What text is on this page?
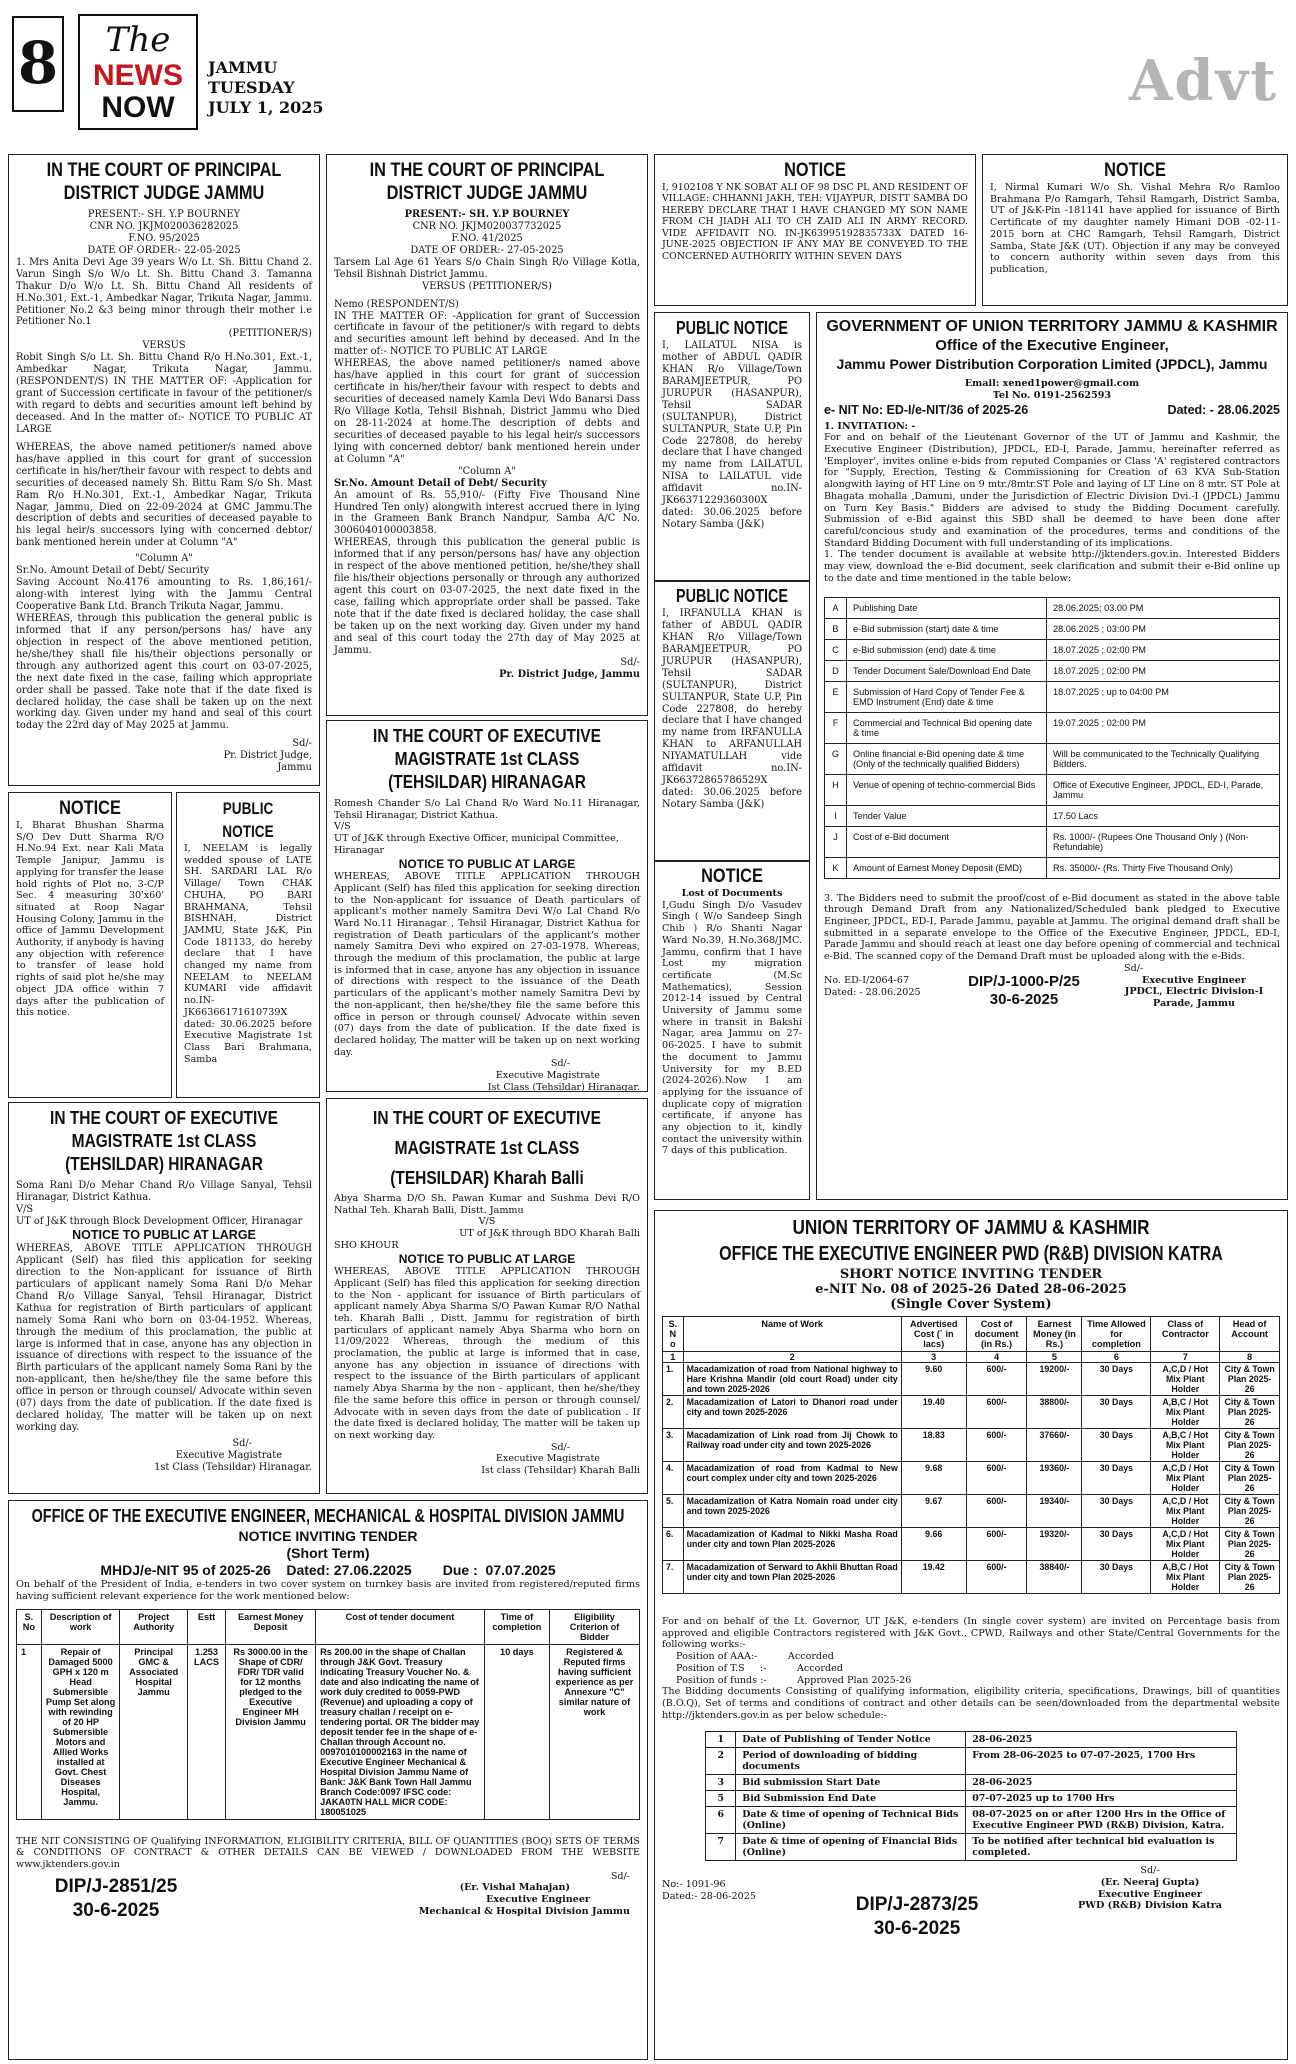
8	The
NEWS
NOW
JAMMU
TUESDAY
JULY 1, 2025	Advt
IN THE COURT OF PRINCIPAL DISTRICT JUDGE JAMMU

PRESENT:- SH. Y.P BOURNEY

CNR NO. JKJM020036282025

F.NO. 95/2025

DATE OF ORDER:- 22-05-2025

1. Mrs Anita Devi Age 39 years W/o Lt. Sh. Bittu Chand 2. Varun Singh S/o W/o Lt. Sh. Bittu Chand 3. Tamanna Thakur D/o W/o Lt. Sh. Bittu Chand All residents of H.No.301, Ext.-1, Ambedkar Nagar, Trikuta Nagar, Jammu. Petitioner No.2 &3 being minor through their mother i.e Petitioner No.1

(PETITIONER/S)

VERSUS

Robit Singh S/o Lt. Sh. Bittu Chand R/o H.No.301, Ext.-1, Ambedkar Nagar, Trikuta Nagar, Jammu. (RESPONDENT/S) IN THE MATTER OF: -Application for grant of Succession certificate in favour of the petitioner/s with regard to debts and securities amount left behind by deceased. And In the matter of:- NOTICE TO PUBLIC AT LARGE

WHEREAS, the above named petitioner/s named above has/have applied in this court for grant of succession certificate in his/her/their favour with respect to debts and securities of deceased namely Sh. Bittu Ram S/o Sh. Mast Ram R/o H.No.301, Ext.-1, Ambedkar Nagar, Trikuta Nagar, Jammu, Died on 22-09-2024 at GMC Jammu.The description of debts and securities of deceased payable to his legal heir/s successors lying with concerned debtor/ bank mentioned herein under at Column "A"

"Column A"

Sr.No. Amount Detail of Debt/ Security

Saving Account No.4176 amounting to Rs. 1,86,161/- along-with interest lying with the Jammu Central Cooperative Bank Ltd. Branch Trikuta Nagar, Jammu.

WHEREAS, through this publication the general public is informed that if any person/persons has/ have any objection in respect of the above mentioned petition, he/she/they shall file his/their objections personally or through any authorized agent this court on 03-07-2025, the next date fixed in the case, failing which appropriate order shall be passed. Take note that if the date fixed is declared holiday, the case shall be taken up on the next working day. Given under my hand and seal of this court today the 22rd day of May 2025 at Jammu.

Sd/-

Pr. District Judge, Jammu

IN THE COURT OF PRINCIPAL DISTRICT JUDGE JAMMU

PRESENT:- SH. Y.P BOURNEY

CNR NO. JKJM020037732025

F.NO. 41/2025

DATE OF ORDER:- 27-05-2025

Tarsem Lal Age 61 Years S/o Chain Singh R/o Village Kotla, Tehsil Bishnah District Jammu.

VERSUS (PETITIONER/S)

Nemo (RESPONDENT/S)

IN THE MATTER OF: -Application for grant of Succession certificate in favour of the petitioner/s with regard to debts and securities amount left behind by deceased. And In the matter of:- NOTICE TO PUBLIC AT LARGE

WHEREAS, the above named petitioner/s named above has/have applied in this court for grant of succession certificate in his/her/their favour with respect to debts and securities of deceased namely Kamla Devi Wdo Banarsi Dass R/o Village Kotla, Tehsil Bishnah, District Jammu who Died on 28-11-2024 at home.The description of debts and securities of deceased payable to his legal heir/s successors lying with concerned debtor/ bank mentioned herein under at Column "A"

"Column A"

Sr.No. Amount Detail of Debt/ Security

An amount of Rs. 55,910/- (Fifty Five Thousand Nine Hundred Ten only) alongwith interest accrued there in lying in the Grameen Bank Branch Nandpur, Samba A/C No. 3006040100003858.

WHEREAS, through this publication the general public is informed that if any person/persons has/ have any objection in respect of the above mentioned petition, he/she/they shall file his/their objections personally or through any authorized agent this court on 03-07-2025, the next date fixed in the case, failing which appropriate order shall be passed. Take note that if the date fixed is declared holiday, the case shall be taken up on the next working day. Given under my hand and seal of this court today the 27th day of May 2025 at Jammu.

Sd/-

Pr. District Judge, Jammu

NOTICE

I, 9102108 Y NK SOBAT ALI OF 98 DSC PL AND RESIDENT OF VILLAGE: CHHANNI JAKH, TEH: VIJAYPUR, DISTT SAMBA DO HEREBY DECLARE THAT I HAVE CHANGED MY SON NAME FROM CH JIADH ALI TO CH ZAID ALI IN ARMY RECORD. VIDE AFFIDAVIT NO. IN-JK63995192835733X DATED 16-JUNE-2025 OBJECTION IF ANY MAY BE CONVEYED TO THE CONCERNED AUTHORITY WITHIN SEVEN DAYS

NOTICE

I, Nirmal Kumari W/o Sh. Vishal Mehra R/o Ramloo Brahmana P/o Ramgarh, Tehsil Ramgarh, District Samba, UT of J&K-Pin -181141 have applied for issuance of Birth Certificate of my daughter namely Himani DOB -02-11-2015 born at CHC Ramgarh, Tehsil Ramgarh, District Samba, State J&K (UT). Objection if any may be conveyed to concern authority within seven days from this publication,

PUBLIC NOTICE

I, LAILATUL NISA is mother of ABDUL QADIR KHAN R/o Village/Town BARAMJEETPUR, PO JURUPUR (HASANPUR), Tehsil SADAR (SULTANPUR), District SULTANPUR, State U.P, Pin Code 227808, do hereby declare that I have changed my name from LAILATUL NISA to LAILATUL vide affidavit no.IN-JK66371229360300X dated: 30.06.2025 before Notary Samba (J&K)

PUBLIC NOTICE

I, IRFANULLA KHAN is father of ABDUL QADIR KHAN R/o Village/Town BARAMJEETPUR, PO JURUPUR (HASANPUR), Tehsil SADAR (SULTANPUR), District SULTANPUR, State U.P, Pin Code 227808, do hereby declare that I have changed my name from IRFANULLA KHAN to ARFANULLAH NIYAMATULLAH vide affidavit no.IN-JK66372865786529X dated: 30.06.2025 before Notary Samba (J&K)

NOTICE

Lost of Documents

I,Gudu Singh D/o Vasudev Singh ( W/o Sandeep Singh Chib ) R/o Shanti Nagar Ward No.39, H.No.368/JMC. Jammu, confirm that I have Lost my migration certificate (M.Sc Mathematics), Session 2012-14 issued by Central University of Jammu some where in transit in Bakshi Nagar, area Jammu on 27-06-2025. I have to submit the document to Jammu University for my B.ED (2024-2026).Now I am applying for the issuance of duplicate copy of migration certificate, if anyone has any objection to it, kindly contact the university within 7 days of this publication.

GOVERNMENT OF UNION TERRITORY JAMMU & KASHMIR
Office of the Executive Engineer,
Jammu Power Distribution Corporation Limited (JPDCL), Jammu

Email: xened1power@gmail.com

Tel No. 0191-2562593

e- NIT No: ED-I/e-NIT/36 of 2025-26	Dated: - 28.06.2025

1. INVITATION: -

For and on behalf of the Lieutenant Governor of the UT of Jammu and Kashmir, the Executive Engineer (Distribution), JPDCL, ED-I, Parade, Jammu, hereinafter referred as 'Employer', invites online e-bids from reputed Companies or Class 'A' registered contractors for "Supply, Erection, Testing & Commissioning for Creation of 63 KVA Sub-Station alongwith laying of HT Line on 9 mtr./8mtr.ST Pole and laying of LT Line on 8 mtr. ST Pole at Bhagata mohalla ,Damuni, under the Jurisdiction of Electric Division Dvi.-I (JPDCL) Jammu on Turn Key Basis." Bidders are advised to study the Bidding Document carefully. Submission of e-Bid against this SBD shall be deemed to have been done after careful/concious study and examination of the procedures, terms and conditions of the Standard Bidding Document with full understanding of its implications.

1. The tender document is available at website http://jktenders.gov.in. Interested Bidders may view, download the e-Bid document, seek clarification and submit their e-Bid online up to the date and time mentioned in the table below:

A	Publishing Date	28.06.2025; 03.00 PM
B	e-Bid submission (start) date & time	28.06.2025 ; 03:00 PM
C	e-Bid submission (end) date & time	18.07.2025 ; 02:00 PM
D	Tender Document Sale/Download End Date	18.07.2025 ; 02:00 PM
E	Submission of Hard Copy of Tender Fee & EMD Instrument (End) date & time	18.07.2025 ; up to 04:00 PM
F	Commercial and Technical Bid opening date & time	19.07.2025 ; 02:00 PM
G	Online financial e-Bid opening date & time (Only of the technically qualified Bidders)	Will be communicated to the Technically Qualifying Bidders.
H	Venue of opening of techno-commercial Bids	Office of Executive Engineer, JPDCL, ED-I, Parade, Jammu
I	Tender Value	17.50 Lacs
J	Cost of e-Bid document	Rs. 1000/- (Rupees One Thousand Only ) (Non-Refundable)
K	Amount of Earnest Money Deposit (EMD)	Rs. 35000/- (Rs. Thirty Five Thousand Only)

3. The Bidders need to submit the proof/cost of e-Bid document as stated in the above table through Demand Draft from any Nationalized/Scheduled bank pledged to Executive Engineer, JPDCL, ED-I, Parade Jammu, payable at Jammu. The original demand draft shall be submitted in a separate envelope to the Office of the Executive Engineer, JPDCL, ED-I, Parade Jammu and should reach at least one day before opening of commercial and technical e-Bid. The scanned copy of the Demand Draft must be uploaded along with the e-Bids.

Sd/-

No. ED-I/2064-67

Dated: - 28.06.2025

DIP/J-1000-P/25
30-6-2025
Executive Engineer
JPDCL, Electric Division-I
Parade, Jammu
IN THE COURT OF EXECUTIVE MAGISTRATE 1st CLASS (TEHSILDAR) HIRANAGAR

Romesh Chander S/o Lal Chand R/o Ward No.11 Hiranagar, Tehsil Hiranagar, District Kathua.

V/S

UT of J&K through Exective Officer, municipal Committee, Hiranagar

NOTICE TO PUBLIC AT LARGE

WHEREAS, ABOVE TITLE APPLICATION THROUGH Applicant (Self) has filed this application for seeking direction to the Non-applicant for issuance of Death particulars of applicant's mother namely Samitra Devi W/o Lal Chand R/o Ward No.11 Hiranagar , Tehsil Hiranagar, District Kathua for registration of Death particulars of the applicant's mother namely Samitra Devi who expired on 27-03-1978. Whereas, through the medium of this proclamation, the public at large is informed that in case, anyone has any objection in issuance of directions with respect to the issuance of the Death particulars of the applicant's mother namely Samitra Devi by the non-applicant, then he/she/they file the same before this office in person or through counsel/ Advocate within seven (07) days from the date of publication. If the date fixed is declared holiday, The matter will be taken up on next working day.

Sd/-

Executive Magistrate

Ist Class (Tehsildar) Hiranagar.

NOTICE

I, Bharat Bhushan Sharma S/O Dev Dutt Sharma R/O H.No.94 Ext. near Kali Mata Temple Janipur, Jammu is applying for transfer the lease hold rights of Plot no. 3-C/P Sec. 4 measuring 30'x60' situated at Roop Nagar Housing Colony, Jammu in the office of Jammu Development Authority, if anybody is having any objection with reference to transfer of lease hold rights of said plot he/she may object JDA office within 7 days after the publication of this notice.

PUBLIC NOTICE

I, NEELAM is legally wedded spouse of LATE SH. SARDARI LAL R/o Village/ Town CHAK CHUHA, PO BARI BRAHMANA, Tehsil BISHNAH, District JAMMU, State J&K, Pin Code 181133, do hereby declare that I have changed my name from NEELAM to NEELAM KUMARI vide affidavit no.IN-JK66366171610739X dated: 30.06.2025 before Executive Magistrate 1st Class Bari Brahmana, Samba

IN THE COURT OF EXECUTIVE MAGISTRATE 1st CLASS (TEHSILDAR) HIRANAGAR

Soma Rani D/o Mehar Chand R/o Village Sanyal, Tehsil Hiranagar, District Kathua.

V/S

UT of J&K through Block Development Officer, Hiranagar

NOTICE TO PUBLIC AT LARGE

WHEREAS, ABOVE TITLE APPLICATION THROUGH Applicant (Self) has filed this application for seeking direction to the Non-applicant for issuance of Birth particulars of applicant namely Soma Rani D/o Mehar Chand R/o Village Sanyal, Tehsil Hiranagar, District Kathua for registration of Birth particulars of applicant namely Soma Rani who born on 03-04-1952. Whereas, through the medium of this proclamation, the public at large is informed that in case, anyone has any objection in issuance of directions with respect to the issuance of the Birth particulars of the applicant namely Soma Rani by the non-applicant, then he/she/they file the same before this office in person or through counsel/ Advocate within seven (07) days from the date of publication. If the date fixed is declared holiday, The matter will be taken up on next working day.

Sd/-

Executive Magistrate

1st Class (Tehsildar) Hiranagar.

IN THE COURT OF EXECUTIVE MAGISTRATE 1st CLASS (TEHSILDAR) Kharah Balli

Abya Sharma D/O Sh. Pawan Kumar and Sushma Devi R/O Nathal Teh. Kharah Balli, Distt. Jammu

V/S

UT of J&K through BDO Kharah Balli

SHO KHOUR

NOTICE TO PUBLIC AT LARGE

WHEREAS, ABOVE TITLE APPLICATION THROUGH Applicant (Self) has filed this application for seeking direction to the Non - applicant for issuance of Birth particulars of applicant namely Abya Sharma S/O Pawan Kumar R/O Nathal teh. Kharah Balli , Distt. Jammu for registration of birth particulars of applicant namely Abya Sharma who born on 11/09/2022 Whereas, through the medium of this proclamation, the public at large is informed that in case, anyone has any objection in issuance of directions with respect to the issuance of the Birth particulars of applicant namely Abya Sharma by the non - applicant, then he/she/they file the same before this office in person or through counsel/ Advocate with in seven days from the date of publication . If the date fixed is declared holiday, The matter will be taken up on next working day.

Sd/-

Executive Magistrate

Ist class (Tehsildar) Kharah Balli

OFFICE OF THE EXECUTIVE ENGINEER, MECHANICAL & HOSPITAL DIVISION JAMMU
NOTICE INVITING TENDER
(Short Term)
MHDJ/e-NIT 95 of 2025-26    Dated: 27.06.22025        Due :  07.07.2025

On behalf of the President of India, e-tenders in two cover system on turnkey basis are invited from registered/reputed firms having sufficient relevant experience for the work mentioned below:

S. No	Description of work	Project Authority	Estt	Earnest Money Deposit	Cost of tender document	Time of completion	Eligibility Criterion of Bidder
1	Repair of Damaged 5000 GPH x 120 m Head Submersible Pump Set along with rewinding of 20 HP Submersible Motors and Allied Works installed at Govt. Chest Diseases Hospital, Jammu.	Principal GMC & Associated Hospital Jammu	1.253 LACS	Rs 3000.00 in the Shape of CDR/ FDR/ TDR valid for 12 months pledged to the Executive Engineer MH Division Jammu	Rs 200.00 in the shape of Challan through J&K Govt. Treasury indicating Treasury Voucher No. & date and also indicating the name of work duly credited to 0059-PWD (Revenue) and uploading a copy of treasury challan / receipt on e-tendering portal. OR The bidder may deposit tender fee in the shape of e-Challan through Account no. 0097010100002163 in the name of Executive Engineer Mechanical & Hospital Division Jammu Name of Bank: J&K Bank Town Hall Jammu Branch Code:0097 IFSC code: JAKA0TN HALL MICR CODE: 180051025	10 days	Registered & Reputed firms having sufficient experience as per Annexure "C" similar nature of work

THE NIT CONSISTING OF Qualifying INFORMATION, ELIGIBILITY CRITERIA, BILL OF QUANTITIES (BOQ) SETS OF TERMS & CONDITIONS OF CONTRACT & OTHER DETAILS CAN BE VIEWED / DOWNLOADED FROM THE WEBSITE www.jktenders.gov.in

DIP/J-2851/25
30-6-2025
Sd/-
(Er. Vishal Mahajan)
Executive Engineer
Mechanical & Hospital Division Jammu
UNION TERRITORY OF JAMMU & KASHMIR
OFFICE THE EXECUTIVE ENGINEER PWD (R&B) DIVISION KATRA
SHORT NOTICE INVITING TENDER
e-NIT No. 08 of 2025-26 Dated 28-06-2025
(Single Cover System)
S. N o	Name of Work	Advertised Cost (` in lacs)	Cost of document (in Rs.)	Earnest Money (in Rs.)	Time Allowed for completion	Class of Contractor	Head of Account
1	2	3	4	5	6	7	8
1.	Macadamization of road from National highway to Hare Krishna Mandir (old court Road) under city and town 2025-2026	9.60	600/-	19200/-	30 Days	A,C,D / Hot Mix Plant Holder	City & Town Plan 2025-26
2.	Macadamization of Latori to Dhanori road under city and town 2025-2026	19.40	600/-	38800/-	30 Days	A,B,C / Hot Mix Plant Holder	City & Town Plan 2025-26
3.	Macadamization of Link road from Jij Chowk to Railway road under city and town 2025-2026	18.83	600/-	37660/-	30 Days	A,B,C / Hot Mix Plant Holder	City & Town Plan 2025-26
4.	Macadamization of road from Kadmal to New court complex under city and town 2025-2026	9.68	600/-	19360/-	30 Days	A,C,D / Hot Mix Plant Holder	City & Town Plan 2025-26
5.	Macadamization of Katra Nomain road under city and town 2025-2026	9.67	600/-	19340/-	30 Days	A,C,D / Hot Mix Plant Holder	City & Town Plan 2025-26
6.	Macadamization of Kadmal to Nikki Masha Road under city and town Plan 2025-2026	9.66	600/-	19320/-	30 Days	A,C,D / Hot Mix Plant Holder	City & Town Plan 2025-26
7.	Macadamization of Serward to Akhli Bhuttan Road under city and town Plan 2025-2026	19.42	600/-	38840/-	30 Days	A,B,C / Hot Mix Plant Holder	City & Town Plan 2025-26

For and on behalf of the Lt. Governor, UT J&K, e-tenders (In single cover system) are invited on Percentage basis from approved and eligible Contractors registered with J&K Govt., CPWD, Railways and other State/Central Governments for the following works:-

Position of AAA:-          Accorded

Position of T.S     :-          Accorded

Position of funds :-          Approved Plan 2025-26

The Bidding documents Consisting of qualifying information, eligibility criteria, specifications, Drawings, bill of quantities (B.O.Q), Set of terms and conditions of contract and other details can be seen/downloaded from the departmental website http://jktenders.gov.in as per below schedule:-

1	Date of Publishing of Tender Notice	28-06-2025
2	Period of downloading of bidding documents	From 28-06-2025 to 07-07-2025, 1700 Hrs
3	Bid submission Start Date	28-06-2025
5	Bid Submission End Date	07-07-2025 up to 1700 Hrs
6	Date & time of opening of Technical Bids (Online)	08-07-2025 on or after 1200 Hrs in the Office of Executive Engineer PWD (R&B) Division, Katra.
7	Date & time of opening of Financial Bids (Online)	To be notified after technical bid evaluation is completed.

No:- 1091-96

Dated:- 28-06-2025	DIP/J-2873/25
30-6-2025
Sd/-
(Er. Neeraj Gupta)
Executive Engineer
PWD (R&B) Division Katra
